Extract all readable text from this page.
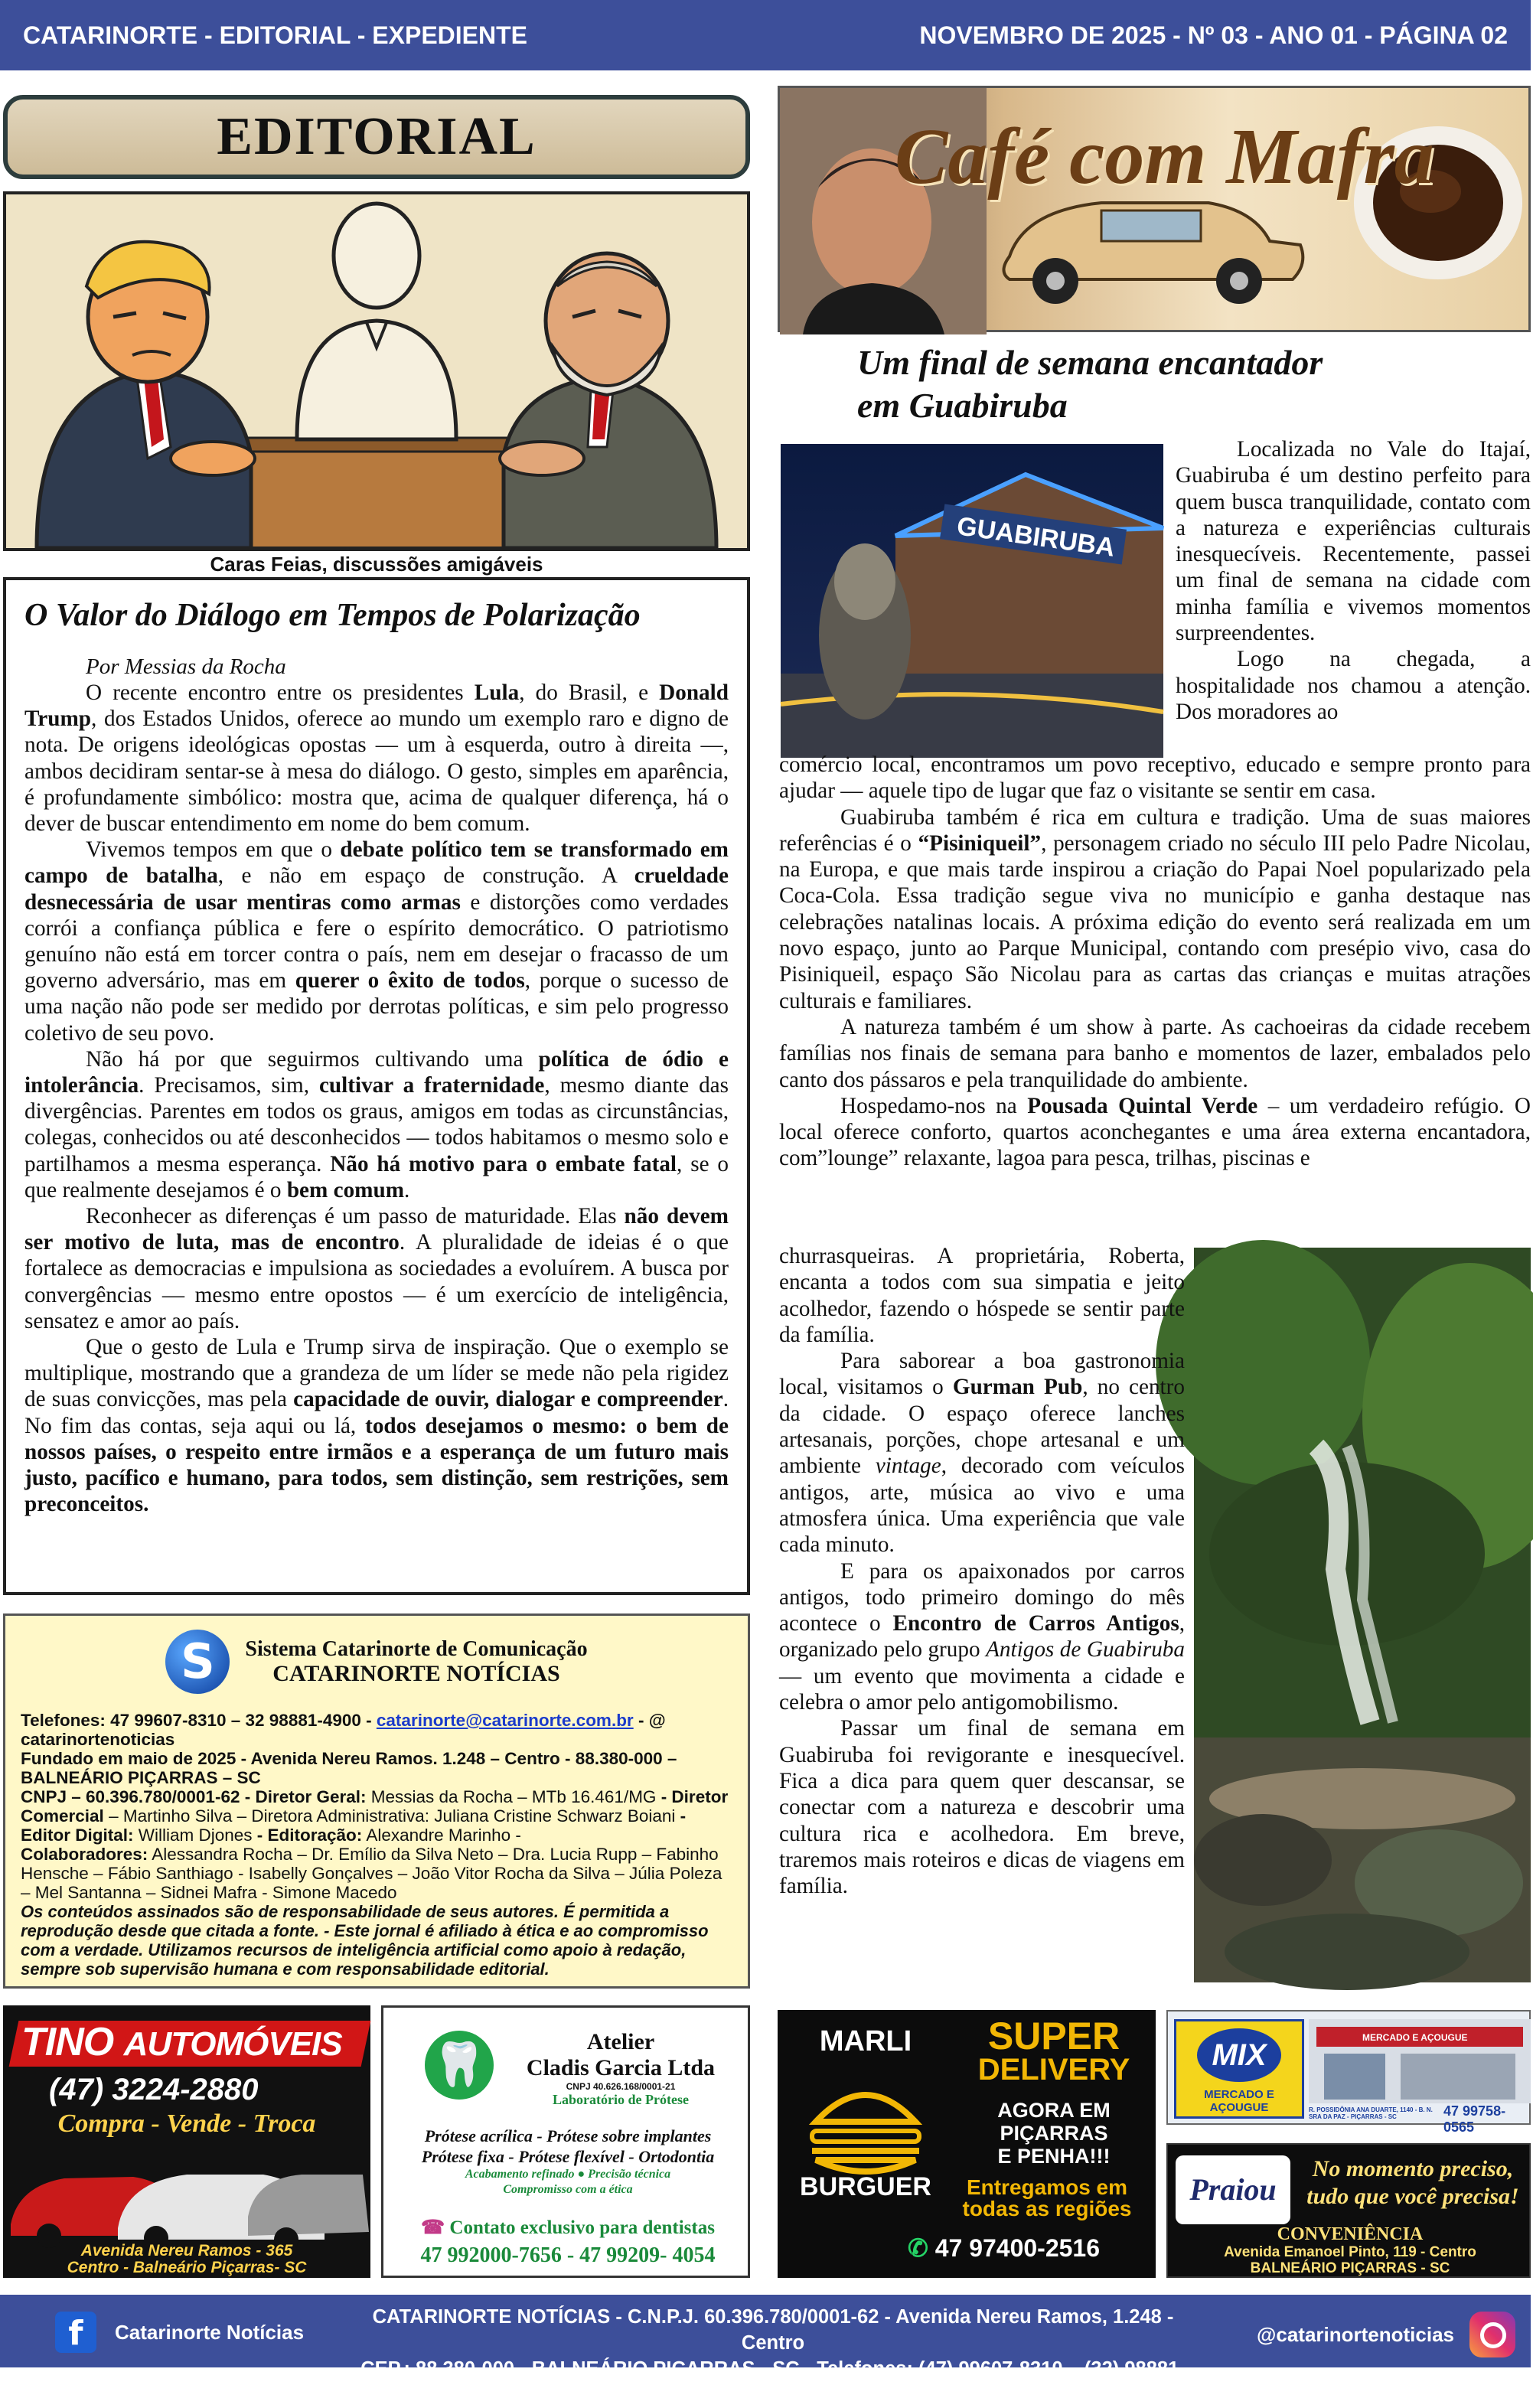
CATARINORTE - EDITORIAL - EXPEDIENTE	NOVEMBRO DE 2025 - Nº 03 - ANO 01 - PÁGINA 02
EDITORIAL
Caras Feias, discussões amigáveis
O Valor do Diálogo em Tempos de Polarização
Por Messias da Rocha

O recente encontro entre os presidentes Lula, do Brasil, e Donald Trump, dos Estados Unidos, oferece ao mundo um exemplo raro e digno de nota. De origens ideológicas opostas — um à esquerda, outro à direita —, ambos decidiram sentar-se à mesa do diálogo. O gesto, simples em aparência, é profundamente simbólico: mostra que, acima de qualquer diferença, há o dever de buscar entendimento em nome do bem comum.

Vivemos tempos em que o debate político tem se transformado em campo de batalha, e não em espaço de construção. A crueldade desnecessária de usar mentiras como armas e distorções como verdades corrói a confiança pública e fere o espírito democrático. O patriotismo genuíno não está em torcer contra o país, nem em desejar o fracasso de um governo adversário, mas em querer o êxito de todos, porque o sucesso de uma nação não pode ser medido por derrotas políticas, e sim pelo progresso coletivo de seu povo.

Não há por que seguirmos cultivando uma política de ódio e intolerância. Precisamos, sim, cultivar a fraternidade, mesmo diante das divergências. Parentes em todos os graus, amigos em todas as circunstâncias, colegas, conhecidos ou até desconhecidos — todos habitamos o mesmo solo e partilhamos a mesma esperança. Não há motivo para o embate fatal, se o que realmente desejamos é o bem comum.

Reconhecer as diferenças é um passo de maturidade. Elas não devem ser motivo de luta, mas de encontro. A pluralidade de ideias é o que fortalece as democracias e impulsiona as sociedades a evoluírem. A busca por convergências — mesmo entre opostos — é um exercício de inteligência, sensatez e amor ao país.

Que o gesto de Lula e Trump sirva de inspiração. Que o exemplo se multiplique, mostrando que a grandeza de um líder se mede não pela rigidez de suas convicções, mas pela capacidade de ouvir, dialogar e compreender. No fim das contas, seja aqui ou lá, todos desejamos o mesmo: o bem de nossos países, o respeito entre irmãos e a esperança de um futuro mais justo, pacífico e humano, para todos, sem distinção, sem restrições, sem preconceitos.

S	Sistema Catarinorte de Comunicação
CATARINORTE NOTÍCIAS
Telefones: 47 99607-8310 – 32 98881-4900 - catarinorte@catarinorte.com.br - @ catarinortenoticias
Fundado em maio de 2025 - Avenida Nereu Ramos. 1.248 – Centro - 88.380-000 – BALNEÁRIO PIÇARRAS – SC
CNPJ – 60.396.780/0001-62 - Diretor Geral: Messias da Rocha – MTb 16.461/MG - Diretor Comercial – Martinho Silva – Diretora Administrativa: Juliana Cristine Schwarz Boiani - Editor Digital: William Djones - Editoração: Alexandre Marinho -
Colaboradores: Alessandra Rocha – Dr. Emílio da Silva Neto – Dra. Lucia Rupp – Fabinho Hensche – Fábio Santhiago - Isabelly Gonçalves – João Vitor Rocha da Silva – Júlia Poleza – Mel Santanna – Sidnei Mafra - Simone Macedo
Os conteúdos assinados são de responsabilidade de seus autores. É permitida a reprodução desde que citada a fonte. - Este jornal é afiliado à ética e ao compromisso com a verdade. Utilizamos recursos de inteligência artificial como apoio à redação, sempre sob supervisão humana e com responsabilidade editorial.
Café com Mafra
Um final de semana encantador
em Guabiruba
GUABIRUBA

Localizada no Vale do Itajaí, Guabiruba é um destino perfeito para quem busca tranquilidade, contato com a natureza e experiências culturais inesquecíveis. Recentemente, passei um final de semana na cidade com minha família e vivemos momentos surpreendentes.

Logo na chegada, a hospitalidade nos chamou a atenção. Dos moradores ao

comércio local, encontramos um povo receptivo, educado e sempre pronto para ajudar — aquele tipo de lugar que faz o visitante se sentir em casa.

Guabiruba também é rica em cultura e tradição. Uma de suas maiores referências é o “Pisiniqueil”, personagem criado no século III pelo Padre Nicolau, na Europa, e que mais tarde inspirou a criação do Papai Noel popularizado pela Coca-Cola. Essa tradição segue viva no município e ganha destaque nas celebrações natalinas locais. A próxima edição do evento será realizada em um novo espaço, junto ao Parque Municipal, contando com presépio vivo, casa do Pisiniqueil, espaço São Nicolau para as cartas das crianças e muitas atrações culturais e familiares.

A natureza também é um show à parte. As cachoeiras da cidade recebem famílias nos finais de semana para banho e momentos de lazer, embalados pelo canto dos pássaros e pela tranquilidade do ambiente.

Hospedamo-nos na Pousada Quintal Verde – um verdadeiro refúgio. O local oferece conforto, quartos aconchegantes e uma área externa encantadora, com”lounge” relaxante, lagoa para pesca, trilhas, piscinas e

churrasqueiras. A proprietária, Roberta, encanta a todos com sua simpatia e jeito acolhedor, fazendo o hóspede se sentir parte da família.

Para saborear a boa gastronomia local, visitamos o Gurman Pub, no centro da cidade. O espaço oferece lanches artesanais, porções, chope artesanal e um ambiente vintage, decorado com veículos antigos, arte, música ao vivo e uma atmosfera única. Uma experiência que vale cada minuto.

E para os apaixonados por carros antigos, todo primeiro domingo do mês acontece o Encontro de Carros Antigos, organizado pelo grupo Antigos de Guabiruba — um evento que movimenta a cidade e celebra o amor pelo antigomobilismo.

Passar um final de semana em Guabiruba foi revigorante e inesquecível. Fica a dica para quem quer descansar, se conectar com a natureza e descobrir uma cultura rica e acolhedora. Em breve, traremos mais roteiros e dicas de viagens em família.

TINO AUTOMÓVEIS
(47) 3224-2880
Compra - Vende - Troca
Avenida Nereu Ramos - 365
Centro - Balneário Piçarras- SC
🦷	Atelier
Cladis Garcia Ltda
CNPJ 40.626.168/0001-21
Laboratório de Prótese
Prótese acrílica - Prótese sobre implantes
Prótese fixa - Prótese flexível - Ortodontia
Acabamento refinado ● Precisão técnica
Compromisso com a ética
☎ Contato exclusivo para dentistas
47 992000-7656 - 47 99209- 4054
MARLI
BURGUER
SUPER
DELIVERY
AGORA EM
PIÇARRAS
E PENHA!!!
Entregamos em
todas as regiões
✆ 47 97400-2516
MIX
MERCADO E AÇOUGUE
MERCADO E AÇOUGUE
R. POSSIDÔNIA ANA DUARTE, 1140 - B. N. SRA DA PAZ - PIÇARRAS - SC	47 99758-0565
Praiou
No momento preciso,
tudo que você precisa!
CONVENIÊNCIA
Avenida Emanoel Pinto, 119 - Centro
BALNEÁRIO PIÇARRAS - SC
f	Catarinorte Notícias
CATARINORTE NOTÍCIAS - C.N.P.J. 60.396.780/0001-62 - Avenida Nereu Ramos, 1.248 - Centro
CEP.: 88.380-000 - BALNEÁRIO PICARRAS - SC - Telefones: (47) 99607-8310 – (32) 98881-4900
@catarinortenoticias
